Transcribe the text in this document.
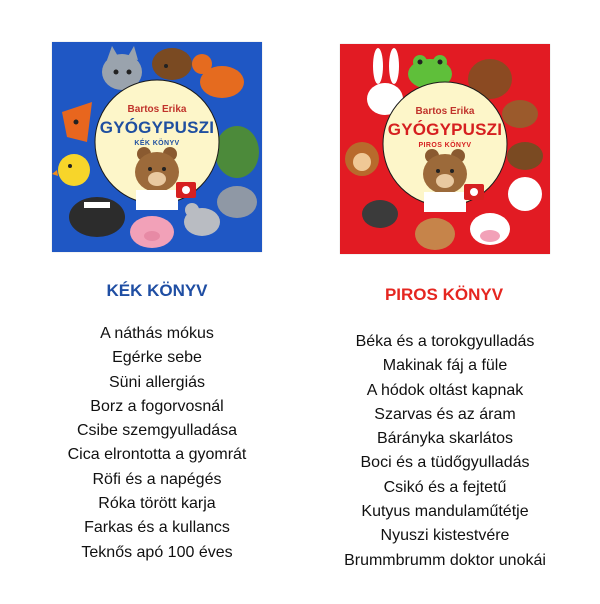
Bartos Erika
GYÓGYPUSZI
KÉK KÖNYV
Bartos Erika
GYÓGYPUSZI
PIROS KÖNYV
KÉK KÖNYV	PIROS KÖNYV
A náthás mókus
Egérke sebe
Süni allergiás
Borz a fogorvosnál
Csibe szemgyulladása
Cica elrontotta a gyomrát
Röfi és a napégés
Róka törött karja
Farkas és a kullancs
Teknős apó 100 éves
Béka és a torokgyulladás
Makinak fáj a füle
A hódok oltást kapnak
Szarvas és az áram
Báránykа skarlátos
Boci és a tüdőgyulladás
Csikó és a fejtetű
Kutyus mandulaműtétje
Nyuszi kistestvére
Brummbrumm doktor unokái
